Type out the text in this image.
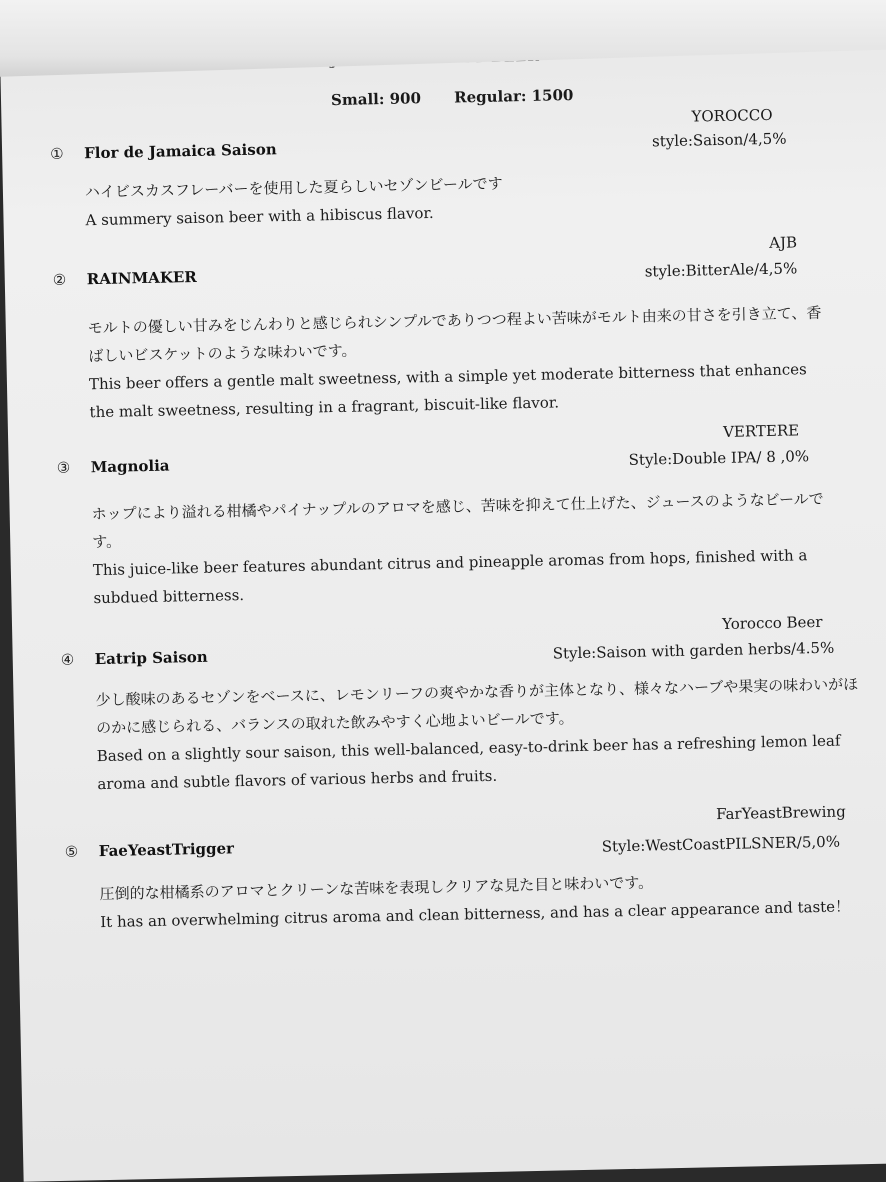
Small: 900 Regular: 1500
YOROCCO
① Flor de Jamaica Saison
style:Saison/4,5%

ハイビスカスフレーバーを使用した夏らしいセゾンビールです

A summery saison beer with a hibiscus flavor.

AJB
② RAINMAKER	style:BitterAle/4,5%

モルトの優しい甘みをじんわりと感じられシンプルでありつつ程よい苦味がモルト由来の甘さを引き立て、香ばしいビスケットのような味わいです。

This beer offers a gentle malt sweetness, with a simple yet moderate bitterness that enhances the malt sweetness, resulting in a fragrant, biscuit-like flavor.

VERTERE
③ Magnolia	Style:Double IPA/ 8 ,0%

ホップにより溢れる柑橘やパイナップルのアロマを感じ、苦味を抑えて仕上げた、ジュースのようなビールです。

This juice-like beer features abundant citrus and pineapple aromas from hops, finished with a subdued bitterness.

Yorocco Beer
④ Eatrip Saison	Style:Saison with garden herbs/4.5%

少し酸味のあるセゾンをベースに、レモンリーフの爽やかな香りが主体となり、様々なハーブや果実の味わいがほのかに感じられる、バランスの取れた飲みやすく心地よいビールです。

Based on a slightly sour saison, this well-balanced, easy-to-drink beer has a refreshing lemon leaf aroma and subtle flavors of various herbs and fruits.

FarYeastBrewing
⑤ FaeYeastTrigger	Style:WestCoastPILSNER/5,0%

圧倒的な柑橘系のアロマとクリーンな苦味を表現しクリアな見た目と味わいです。

It has an overwhelming citrus aroma and clean bitterness, and has a clear appearance and taste！
